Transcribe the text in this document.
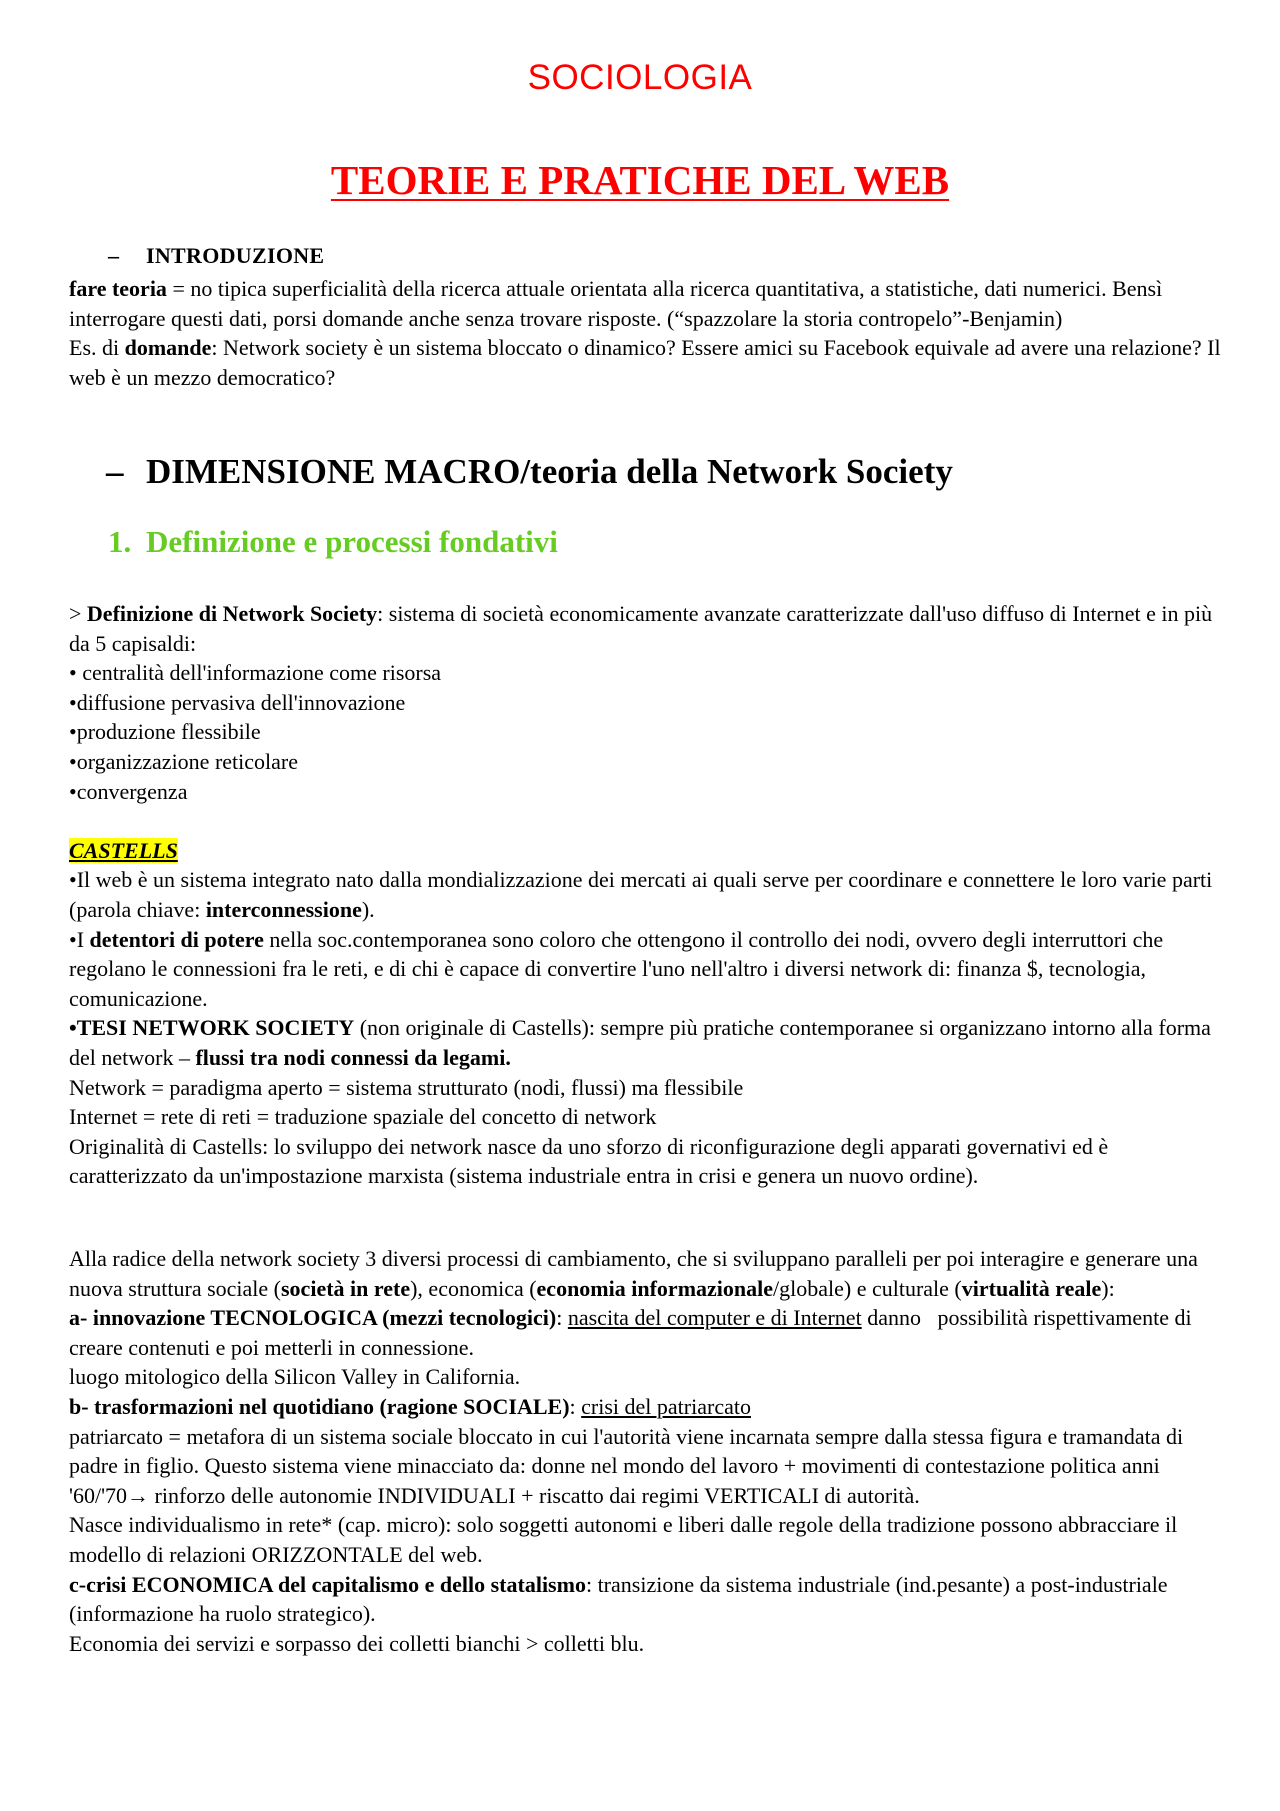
SOCIOLOGIA
TEORIE E PRATICHE DEL WEB
– INTRODUZIONE

fare teoria = no tipica superficialità della ricerca attuale orientata alla ricerca quantitativa, a statistiche, dati numerici. Bensì interrogare questi dati, porsi domande anche senza trovare risposte. (“spazzolare la storia contropelo”-Benjamin)

Es. di domande: Network society è un sistema bloccato o dinamico? Essere amici su Facebook equivale ad avere una relazione? Il web è un mezzo democratico?

– DIMENSIONE MACRO/teoria della Network Society
1. Definizione e processi fondativi

> Definizione di Network Society: sistema di società economicamente avanzate caratterizzate dall'uso diffuso di Internet e in più da 5 capisaldi:

• centralità dell'informazione come risorsa

•diffusione pervasiva dell'innovazione

•produzione flessibile

•organizzazione reticolare

•convergenza

CASTELLS

•Il web è un sistema integrato nato dalla mondializzazione dei mercati ai quali serve per coordinare e connettere le loro varie parti (parola chiave: interconnessione).

•I detentori di potere nella soc.contemporanea sono coloro che ottengono il controllo dei nodi, ovvero degli interruttori che regolano le connessioni fra le reti, e di chi è capace di convertire l'uno nell'altro i diversi network di: finanza $, tecnologia, comunicazione.

•TESI NETWORK SOCIETY (non originale di Castells): sempre più pratiche contemporanee si organizzano intorno alla forma del network – flussi tra nodi connessi da legami.

Network = paradigma aperto = sistema strutturato (nodi, flussi) ma flessibile

Internet = rete di reti = traduzione spaziale del concetto di network

Originalità di Castells: lo sviluppo dei network nasce da uno sforzo di riconfigurazione degli apparati governativi ed è caratterizzato da un'impostazione marxista (sistema industriale entra in crisi e genera un nuovo ordine).

Alla radice della network society 3 diversi processi di cambiamento, che si sviluppano paralleli per poi interagire e generare una nuova struttura sociale (società in rete), economica (economia informazionale/globale) e culturale (virtualità reale):

a- innovazione TECNOLOGICA (mezzi tecnologici): nascita del computer e di Internet danno   possibilità rispettivamente di creare contenuti e poi metterli in connessione.

luogo mitologico della Silicon Valley in California.

b- trasformazioni nel quotidiano (ragione SOCIALE): crisi del patriarcato

patriarcato = metafora di un sistema sociale bloccato in cui l'autorità viene incarnata sempre dalla stessa figura e tramandata di padre in figlio. Questo sistema viene minacciato da: donne nel mondo del lavoro + movimenti di contestazione politica anni '60/'70→ rinforzo delle autonomie INDIVIDUALI + riscatto dai regimi VERTICALI di autorità.

Nasce individualismo in rete* (cap. micro): solo soggetti autonomi e liberi dalle regole della tradizione possono abbracciare il modello di relazioni ORIZZONTALE del web.

c-crisi ECONOMICA del capitalismo e dello statalismo: transizione da sistema industriale (ind.pesante) a post-industriale (informazione ha ruolo strategico).

Economia dei servizi e sorpasso dei colletti bianchi > colletti blu.
